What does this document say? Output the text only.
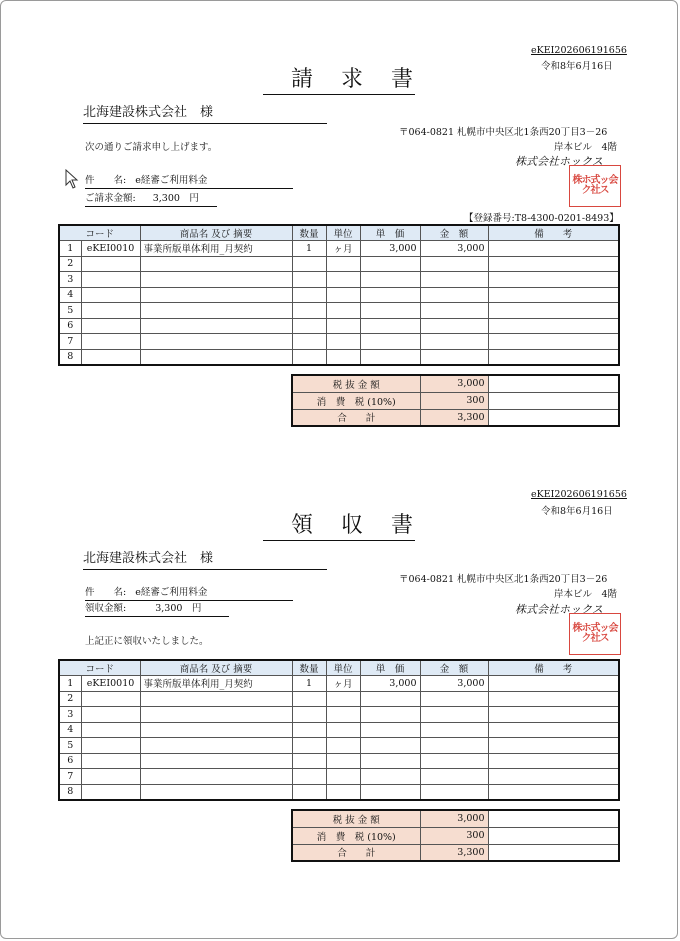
eKEI202606191656
令和8年6月16日
請求書
北海建設株式会社　様
〒064-0821 札幌市中央区北1条西20丁目3－26
次の通りご請求申し上げます。	岸本ビル　4階
株式会社ホックス
株ホ式ッ会ク社ス
件　　名: e経審ご利用料金
ご請求金額: 3,300　円
【登録番号:T8-4300-0201-8493】
コード		商品名 及び 摘要	数量	単位	単　価	金　額	備　　考
1	eKEI0010	事業所版単体利用_月契約	1	ヶ月	3,000	3,000	
2							
3							
4							
5							
6							
7							
8							
税 抜 金 額	3,000	
消　費　税 (10%)	300	
合　　計	3,300	
eKEI202606191656
令和8年6月16日
領収書
北海建設株式会社　様
〒064-0821 札幌市中央区北1条西20丁目3－26
件　　名: e経審ご利用料金	岸本ビル　4階
領収金額:	3,300　円	株式会社ホックス
株ホ式ッ会ク社ス
上記正に領収いたしました。
コード		商品名 及び 摘要	数量	単位	単　価	金　額	備　　考
1	eKEI0010	事業所版単体利用_月契約	1	ヶ月	3,000	3,000	
2							
3							
4							
5							
6							
7							
8							
税 抜 金 額	3,000	
消　費　税 (10%)	300	
合　　計	3,300	
